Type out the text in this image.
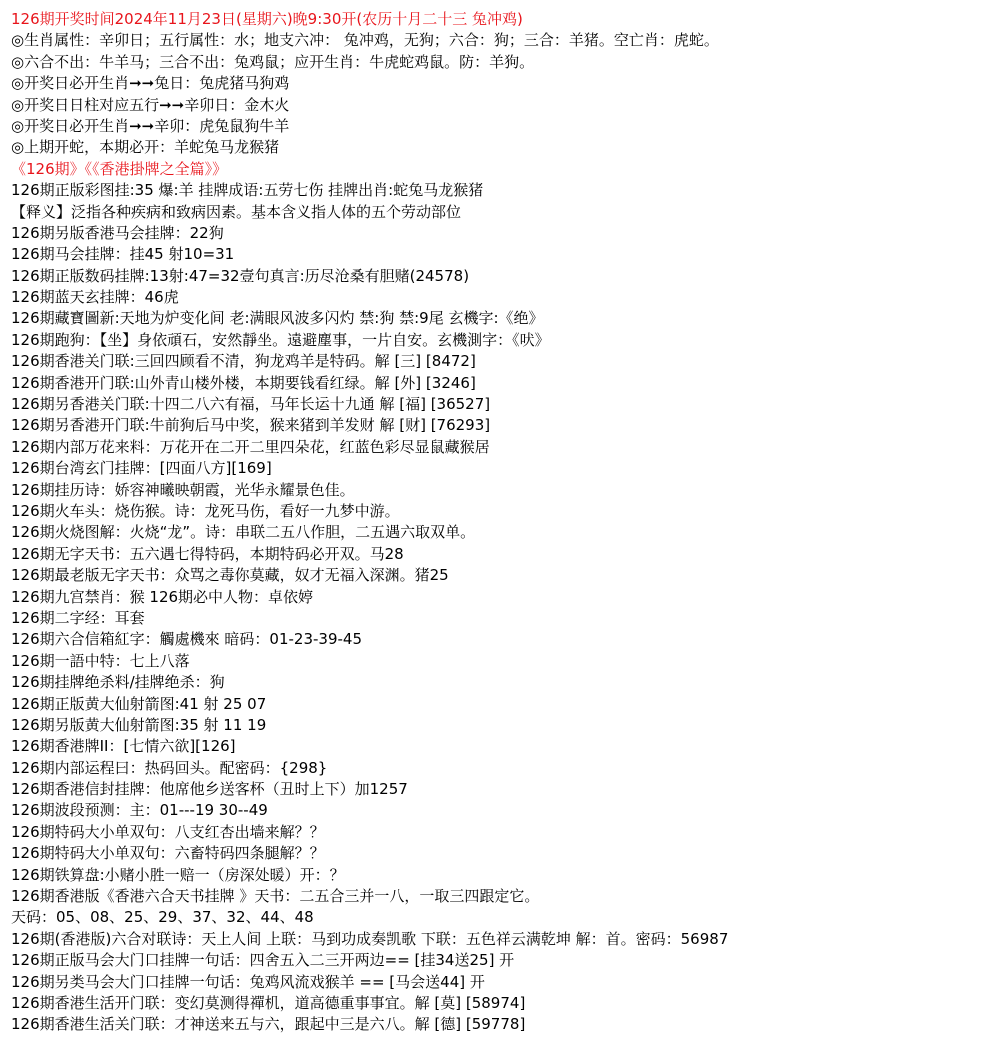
126期开奖时间2024年11月23日(星期六)晚9:30开(农历十月二十三 兔冲鸡)
◎生肖属性：辛卯日；五行属性：水；地支六冲： 兔冲鸡，无狗；六合：狗；三合：羊猪。空亡肖：虎蛇。
◎六合不出：牛羊马；三合不出：兔鸡鼠；应开生肖：牛虎蛇鸡鼠。防：羊狗。
◎开奖日必开生肖➞➞兔日：兔虎猪马狗鸡
◎开奖日日柱对应五行➞➞辛卯日：金木火
◎开奖日必开生肖➞➞辛卯：虎兔鼠狗牛羊
◎上期开蛇，本期必开：羊蛇兔马龙猴猪
《126期》《《香港掛牌之全篇》》
126期正版彩图挂:35 爆:羊 挂牌成语:五劳七伤 挂牌出肖:蛇兔马龙猴猪
【释义】泛指各种疾病和致病因素。基本含义指人体的五个劳动部位
126期另版香港马会挂牌：22狗
126期马会挂牌：挂45 射10=31
126期正版数码挂牌:13射:47=32壹句真言:历尽沧桑有胆赌(24578)
126期蓝天玄挂牌：46虎
126期藏寶圖新:天地为炉变化间 老:满眼风波多闪灼 禁:狗 禁:9尾 玄機字:《绝》
126期跑狗：【坐】身依頑石，安然靜坐。遠避塵事，一片自安。玄機測字：《吠》
126期香港关门联:三回四顾看不清，狗龙鸡羊是特码。解 [三] [8472]
126期香港开门联:山外青山楼外楼，本期要钱看红绿。解 [外] [3246]
126期另香港关门联:十四二八六有福，马年长运十九通 解 [福] [36527]
126期另香港开门联:牛前狗后马中奖，猴来猪到羊发财 解 [财] [76293]
126期内部万花来料：万花开在二开二里四朵花，红蓝色彩尽显鼠藏猴居
126期台湾玄门挂牌：[四面八方][169]
126期挂历诗：娇容神曦映朝霞，光华永耀景色佳。
126期火车头：烧伤猴。诗：龙死马伤，看好一九梦中游。
126期火烧图解：火烧“龙”。诗：串联二五八作胆，二五遇六取双单。
126期无字天书：五六遇七得特码，本期特码必开双。马28
126期最老版无字天书：众骂之毒你莫藏，奴才无福入深渊。猪25
126期九宫禁肖：猴 126期必中人物：卓依婷
126期二字经：耳套
126期六合信箱紅字：觸處機來 暗码：01-23-39-45
126期一語中特：七上八落
126期挂牌绝杀料/挂牌绝杀：狗
126期正版黄大仙射箭图:41 射 25 07
126期另版黄大仙射箭图:35 射 11 19
126期香港牌II：[七情六欲][126]
126期内部运程曰：热码回头。配密码：{298}
126期香港信封挂牌：他席他乡送客杯（丑时上下）加1257
126期波段预测：主：01---19 30--49
126期特码大小单双句：八支红杏出墙来解？？
126期特码大小单双句：六畜特码四条腿解？？
126期铁算盘:小赌小胜一赔一（房深处暖）开：？
126期香港版《香港六合天书挂牌 》天书：二五合三并一八，一取三四跟定它。
天码：05、08、25、29、37、32、44、48
126期(香港版)六合对联诗：天上人间 上联：马到功成奏凯歌 下联：五色祥云满乾坤 解：首。密码：56987
126期正版马会大门口挂牌一句话：四舍五入二三开两边== [挂34送25] 开
126期另类马会大门口挂牌一句话：兔鸡风流戏猴羊 == [马会送44] 开
126期香港生活开门联：变幻莫测得禪机，道高德重事事宜。解 [莫] [58974]
126期香港生活关门联：才神送来五与六，跟起中三是六八。解 [德] [59778]
